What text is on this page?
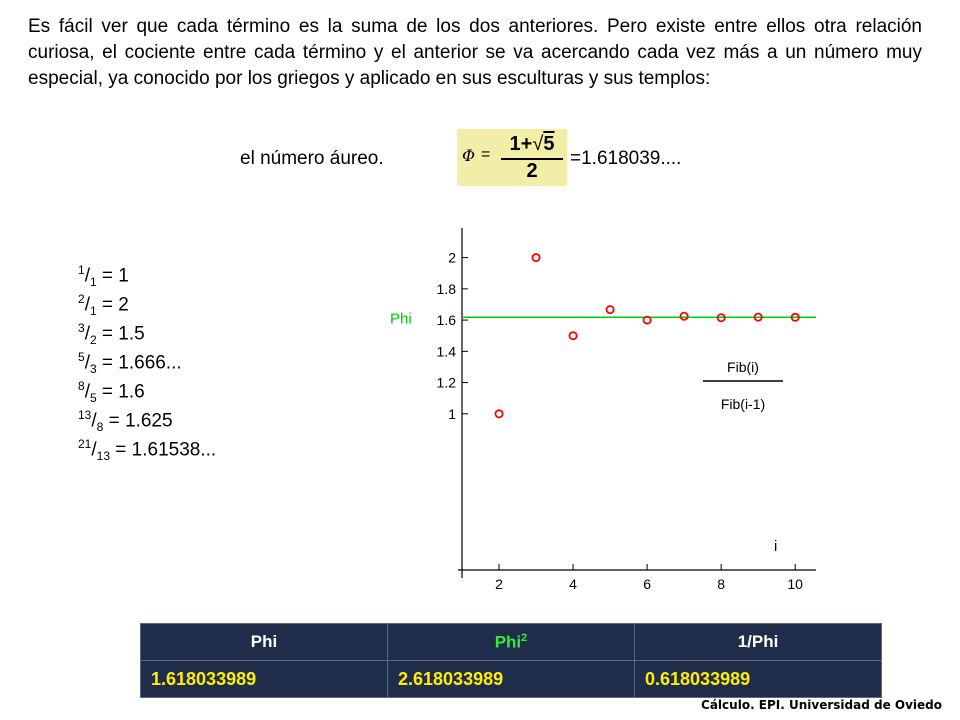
Es fácil ver que cada término es la suma de los dos anteriores. Pero existe entre ellos otra relación curiosa, el cociente entre cada término y el anterior se va acercando cada vez más a un número muy especial, ya conocido por los griegos y aplicado en sus esculturas y sus templos:
el número áureo.	Φ = 1+√5
2
=1.618039....
$^1/_1 = 1$
$^2/_1 = 2$
$^3/_2 = 1.5$
$^5/_3 = 1.666$...
$^8/_5 = 1.6$
$^{13}/_8 = 1.625$
$^{21}/_{13} = 1.61538$...
1
1.2
1.4
1.6
1.8
2
2	4	6	8	10
Phi
Fib(i)
Fib(i-1)
i
Phi	Phi$^2$	1/Phi
1.618033989	2.618033989	0.618033989
Cálculo. EPI. Universidad de Oviedo
